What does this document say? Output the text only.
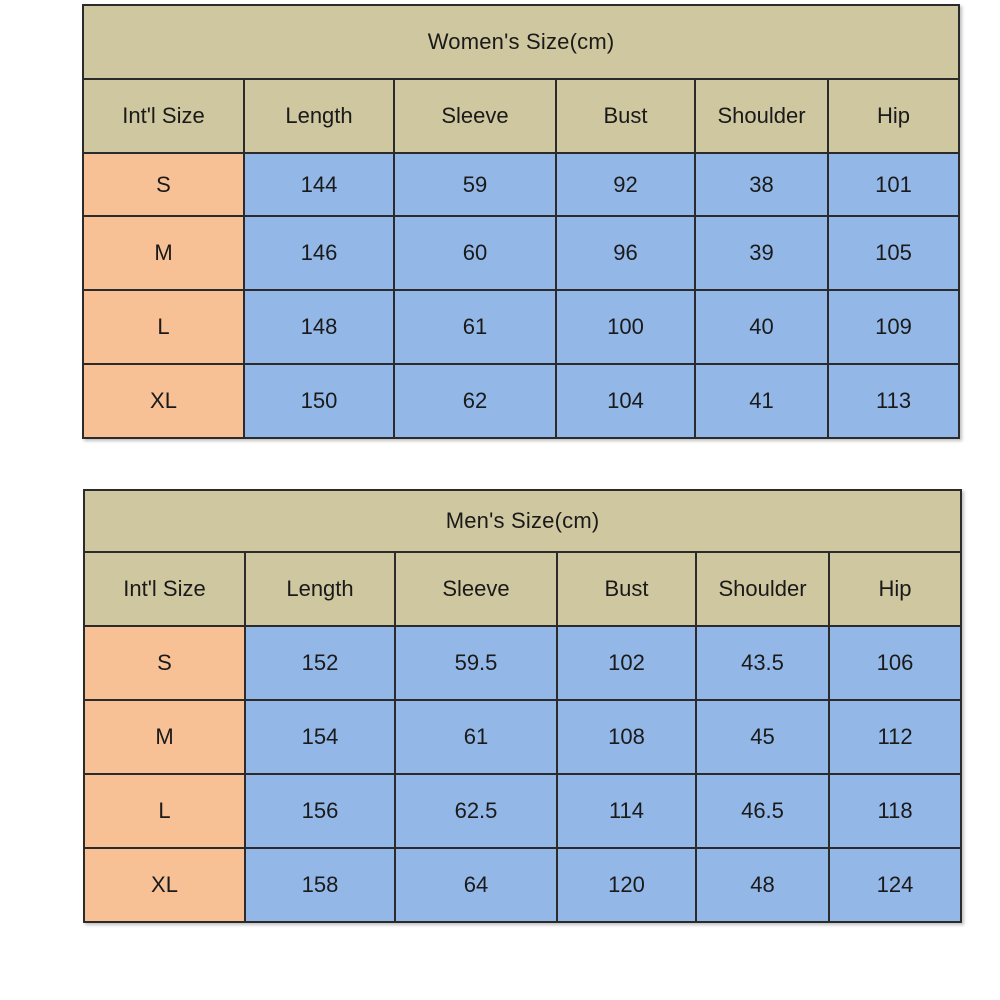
Women's Size(cm)					
Int'l Size	Length	Sleeve	Bust	Shoulder	Hip
S	144	59	92	38	101
M	146	60	96	39	105
L	148	61	100	40	109
XL	150	62	104	41	113
Men's Size(cm)					
Int'l Size	Length	Sleeve	Bust	Shoulder	Hip
S	152	59.5	102	43.5	106
M	154	61	108	45	112
L	156	62.5	114	46.5	118
XL	158	64	120	48	124
